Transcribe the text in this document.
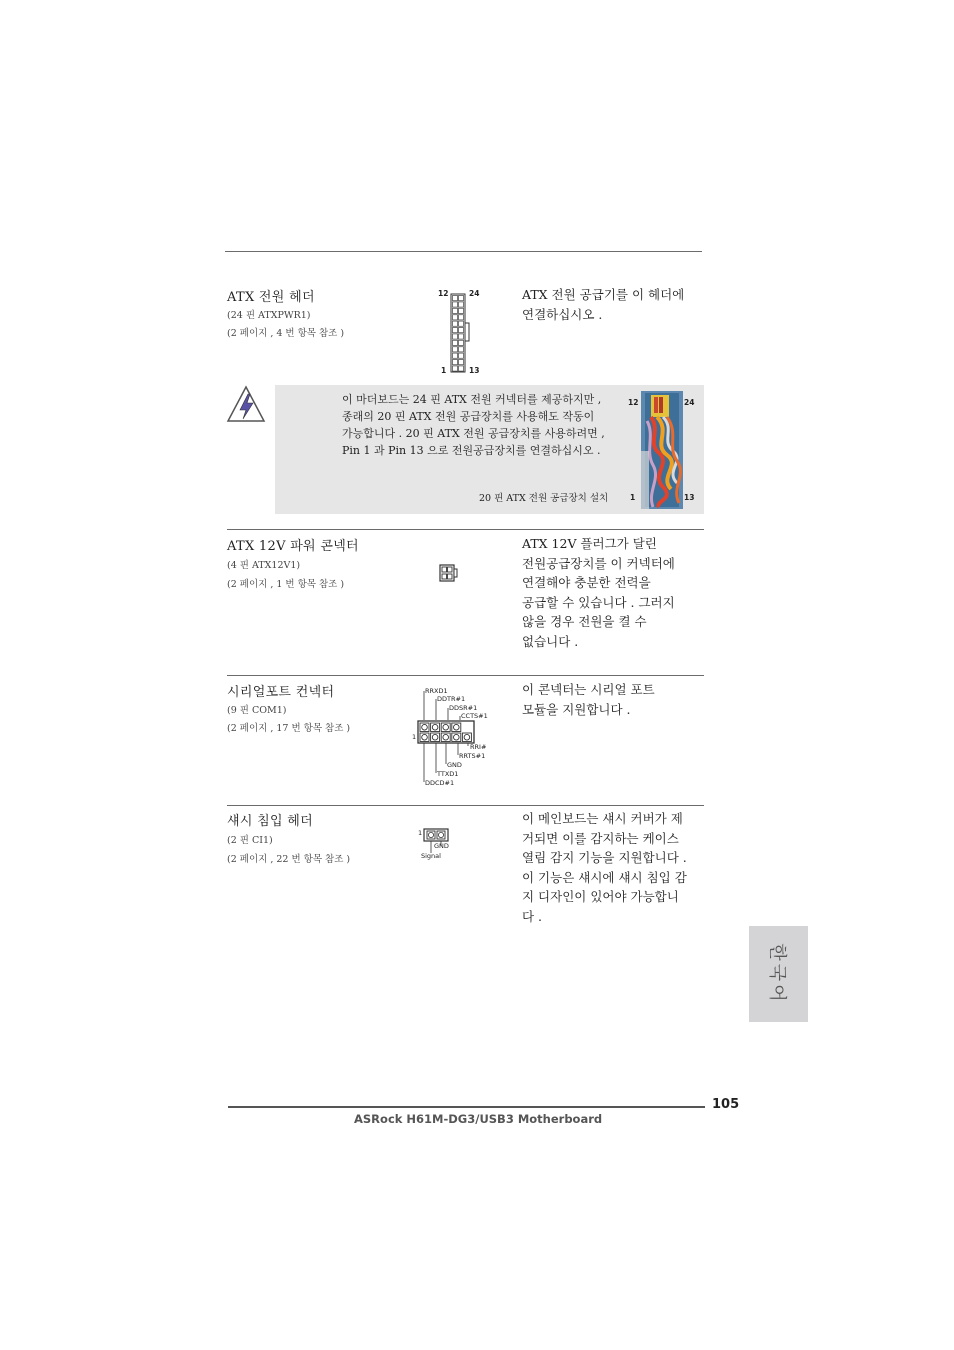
ATX 전원 헤더
(24 핀 ATXPWR1)
(2 페이지 , 4 번 항목 참조 )
12	24
1	13

ATX 전원 공급기를 이 헤더에

연결하십시오 .

이 마더보드는 24 핀 ATX 전원 커넥터를 제공하지만 ,

종래의 20 핀 ATX 전원 공급장치를 사용해도 작동이

가능합니다 . 20 핀 ATX 전원 공급장치를 사용하려면 ,

Pin 1 과 Pin 13 으로 전원공급장치를 연결하십시오 .

20 핀 ATX 전원 공급장치 설치
12	24
1	13
ATX 12V 파워 콘넥터
(4 핀 ATX12V1)
(2 페이지 , 1 번 항목 참조 )

ATX 12V 플러그가 달린

전원공급장치를 이 커넥터에

연결해야 충분한 전력을

공급할 수 있습니다 . 그러지

않을 경우 전원을 켤 수

없습니다 .

시리얼포트 컨넥터
(9 핀 COM1)
(2 페이지 , 17 번 항목 참조 )
RRXD1
DDTR#1
DDSR#1
CCTS#1
1
RRI#
RRTS#1
GND
TTXD1
DDCD#1

이 콘넥터는 시리얼 포트

모듈을 지원합니다 .

섀시 침입 헤더
(2 핀 CI1)
(2 페이지 , 22 번 항목 참조 )
1
GND
Signal

이 메인보드는 섀시 커버가 제

거되면 이를 감지하는 케이스

열림 감지 기능을 지원합니다 .

이 기능은 섀시에 섀시 침입 감

지 디자인이 있어야 가능합니

다 .

한국어
105
ASRock H61M-DG3/USB3 Motherboard
